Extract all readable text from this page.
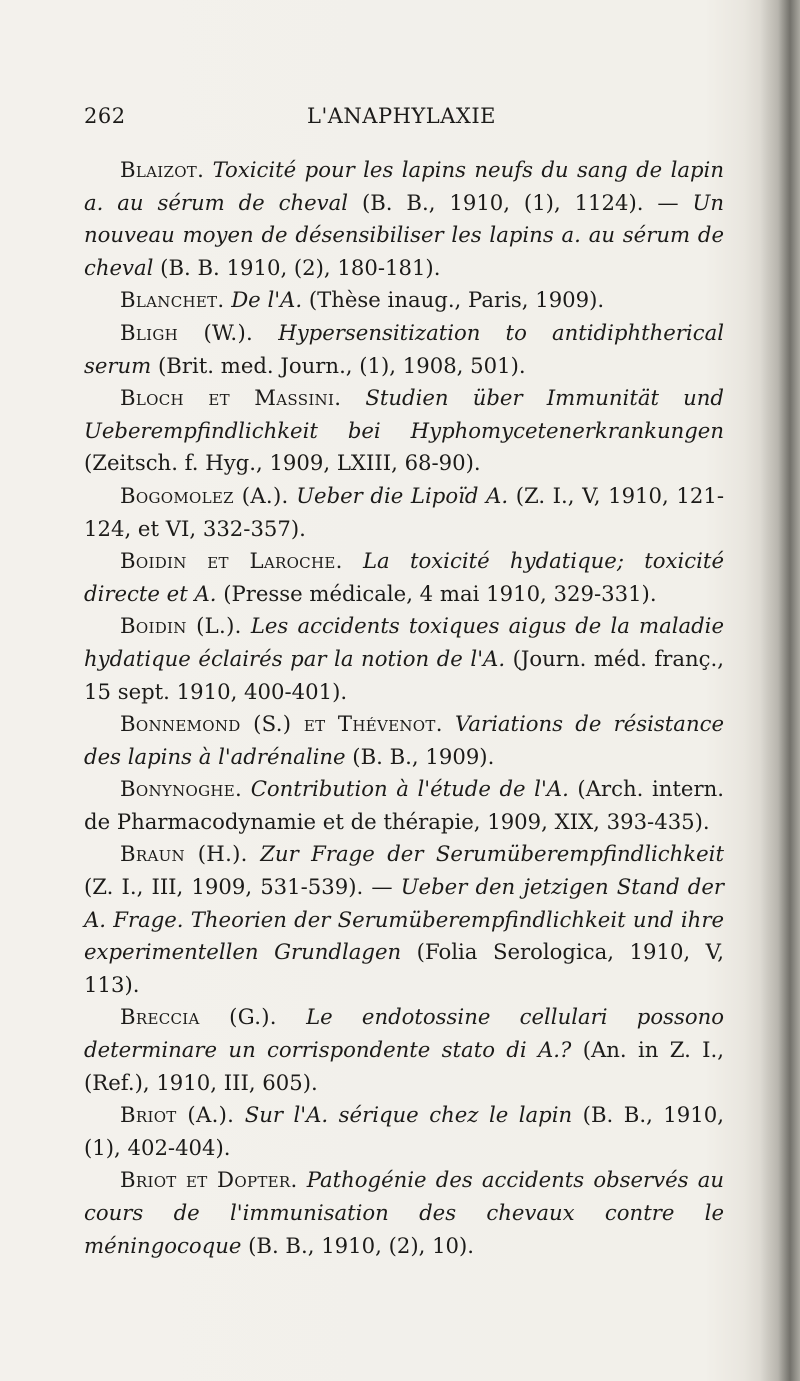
262	L'ANAPHYLAXIE

Blaizot. Toxicité pour les lapins neufs du sang de lapin a. au sérum de cheval (B. B., 1910, (1), 1124). — Un nouveau moyen de désensibiliser les lapins a. au sérum de cheval (B. B. 1910, (2), 180-181).

Blanchet. De l'A. (Thèse inaug., Paris, 1909).

Bligh (W.). Hypersensitization to antidiphtherical serum (Brit. med. Journ., (1), 1908, 501).

Bloch et Massini. Studien über Immunität und Ueberempfindlichkeit bei Hyphomycetenerkrankungen (Zeitsch. f. Hyg., 1909, LXIII, 68-90).

Bogomolez (A.). Ueber die Lipoïd A. (Z. I., V, 1910, 121-124, et VI, 332-357).

Boidin et Laroche. La toxicité hydatique; toxicité directe et A. (Presse médicale, 4 mai 1910, 329-331).

Boidin (L.). Les accidents toxiques aigus de la maladie hydatique éclairés par la notion de l'A. (Journ. méd. franç., 15 sept. 1910, 400-401).

Bonnemond (S.) et Thévenot. Variations de résistance des lapins à l'adrénaline (B. B., 1909).

Bonynoghe. Contribution à l'étude de l'A. (Arch. intern. de Pharmacodynamie et de thérapie, 1909, XIX, 393-435).

Braun (H.). Zur Frage der Serumüberempfindlichkeit (Z. I., III, 1909, 531-539). — Ueber den jetzigen Stand der A. Frage. Theorien der Serumüberempfindlichkeit und ihre experimentellen Grundlagen (Folia Serologica, 1910, V, 113).

Breccia (G.). Le endotossine cellulari possono determinare un corrispondente stato di A.? (An. in Z. I., (Ref.), 1910, III, 605).

Briot (A.). Sur l'A. sérique chez le lapin (B. B., 1910, (1), 402-404).

Briot et Dopter. Pathogénie des accidents observés au cours de l'immunisation des chevaux contre le méningocoque (B. B., 1910, (2), 10).
